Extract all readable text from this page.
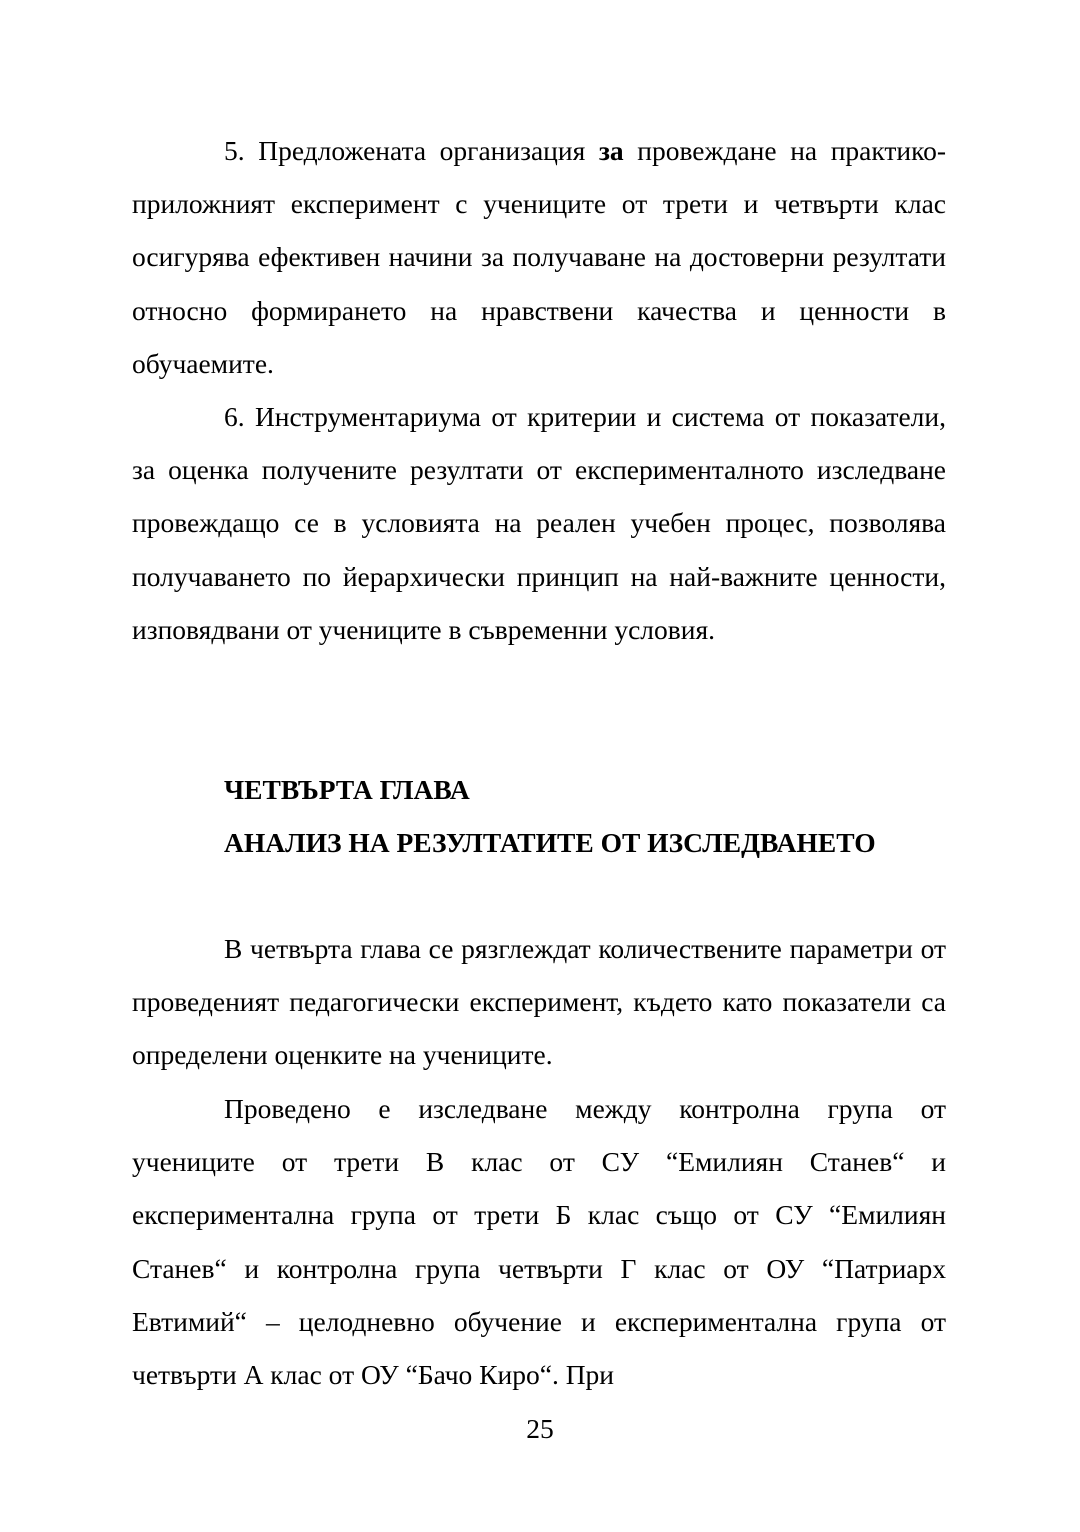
5. Предложената организация за провеждане на практико-приложният експеримент с учениците от трети и четвърти клас осигурява ефективен начини за получаване на достоверни резултати относно формирането на нравствени качества и ценности в обучаемите.

6. Инструментариума от критерии и система от показатели, за оценка получените резултати от експерименталното изследване провеждащо се в условията на реален учебен процес, позволява получаването по йерархически принцип на най-важните ценности, изповядвани от учениците в съвременни условия.

ЧЕТВЪРТА ГЛАВА

АНАЛИЗ НА РЕЗУЛТАТИТЕ ОТ ИЗСЛЕДВАНЕТО

В четвърта глава се рязглеждат количествените параметри от проведеният педагогически експеримент, където като показатели са определени оценките на учениците.

Проведено е изследване между контролна група от учениците от трети В клас от СУ “Емилиян Станев“ и експериментална група от трети Б клас също от СУ “Емилиян Станев“ и контролна група четвърти Г клас от ОУ “Патриарх Евтимий“ – целодневно обучение и експериментална група от четвърти А клас от ОУ “Бачо Киро“. При

25
